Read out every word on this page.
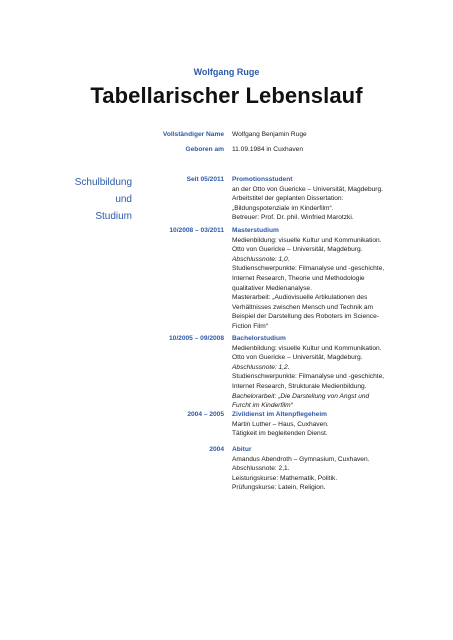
Wolfgang Ruge
Tabellarischer Lebenslauf
Vollständiger Name Wolfgang Benjamin Ruge
Geboren am 11.09.1984 in Cuxhaven
Schulbildung und
Studium
Seit 05/2011 Promotionsstudent
an der Otto von Guericke – Universität, Magdeburg.
Arbeitstitel der geplanten Dissertation:
„Bildungspotenziale im Kinderfilm“.
Betreuer: Prof. Dr. phil. Winfried Marotzki.
10/2008 – 03/2011 Masterstudium
Medienbildung: visuelle Kultur und Kommunikation.
Otto von Guericke – Universität, Magdeburg.
Abschlussnote: 1,0.
Studienschwerpunkte: Filmanalyse und -geschichte,
Internet Research, Theorie und Methodologie
qualitativer Medienanalyse.
Masterarbeit: „Audiovisuelle Artikulationen des
Verhältnisses zwischen Mensch und Technik am
Beispiel der Darstellung des Roboters im Science-
Fiction Film“
10/2005 – 09/2008 Bachelorstudium
Medienbildung: visuelle Kultur und Kommunikation.
Otto von Guericke – Universität, Magdeburg.
Abschlussnote: 1,2.
Studienschwerpunkte: Filmanalyse und -geschichte,
Internet Research, Strukturale Medienbildung.
Bachelorarbeit: „Die Darstellung von Angst und
Furcht im Kinderfilm“
2004 – 2005 Zivildienst im Altenpflegeheim
Martin Luther – Haus, Cuxhaven.
Tätigkeit im begleitenden Dienst.
2004 Abitur
Amandus Abendroth – Gymnasium, Cuxhaven.
Abschlussnote: 2,1.
Leistungskurse: Mathematik, Politik.
Prüfungskurse: Latein, Religion.
